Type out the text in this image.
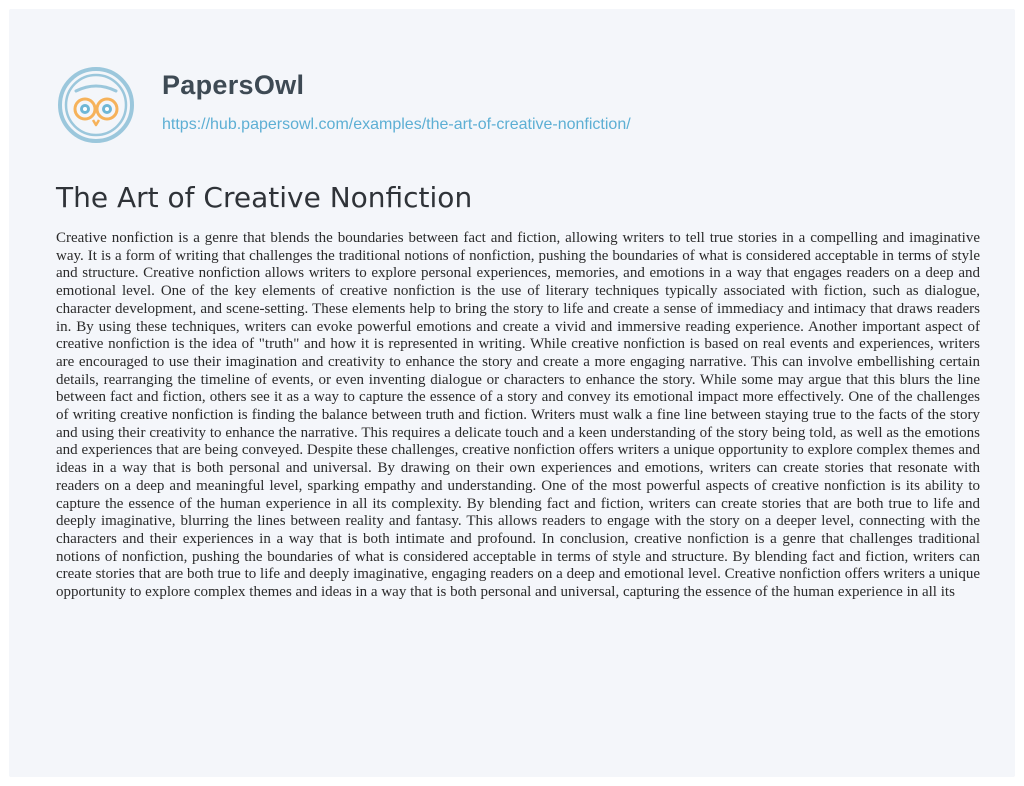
PapersOwl
https://hub.papersowl.com/examples/the-art-of-creative-nonfiction/
The Art of Creative Nonfiction

Creative nonfiction is a genre that blends the boundaries between fact and fiction, allowing writers to tell true stories in a compelling and imaginative way. It is a form of writing that challenges the traditional notions of nonfiction, pushing the boundaries of what is considered acceptable in terms of style and structure. Creative nonfiction allows writers to explore personal experiences, memories, and emotions in a way that engages readers on a deep and emotional level. One of the key elements of creative nonfiction is the use of literary techniques typically associated with fiction, such as dialogue, character development, and scene-setting. These elements help to bring the story to life and create a sense of immediacy and intimacy that draws readers in. By using these techniques, writers can evoke powerful emotions and create a vivid and immersive reading experience. Another important aspect of creative nonfiction is the idea of "truth" and how it is represented in writing. While creative nonfiction is based on real events and experiences, writers are encouraged to use their imagination and creativity to enhance the story and create a more engaging narrative. This can involve embellishing certain details, rearranging the timeline of events, or even inventing dialogue or characters to enhance the story. While some may argue that this blurs the line between fact and fiction, others see it as a way to capture the essence of a story and convey its emotional impact more effectively. One of the challenges of writing creative nonfiction is finding the balance between truth and fiction. Writers must walk a fine line between staying true to the facts of the story and using their creativity to enhance the narrative. This requires a delicate touch and a keen understanding of the story being told, as well as the emotions and experiences that are being conveyed. Despite these challenges, creative nonfiction offers writers a unique opportunity to explore complex themes and ideas in a way that is both personal and universal. By drawing on their own experiences and emotions, writers can create stories that resonate with readers on a deep and meaningful level, sparking empathy and understanding. One of the most powerful aspects of creative nonfiction is its ability to capture the essence of the human experience in all its complexity. By blending fact and fiction, writers can create stories that are both true to life and deeply imaginative, blurring the lines between reality and fantasy. This allows readers to engage with the story on a deeper level, connecting with the characters and their experiences in a way that is both intimate and profound. In conclusion, creative nonfiction is a genre that challenges traditional notions of nonfiction, pushing the boundaries of what is considered acceptable in terms of style and structure. By blending fact and fiction, writers can create stories that are both true to life and deeply imaginative, engaging readers on a deep and emotional level. Creative nonfiction offers writers a unique opportunity to explore complex themes and ideas in a way that is both personal and universal, capturing the essence of the human experience in all its
